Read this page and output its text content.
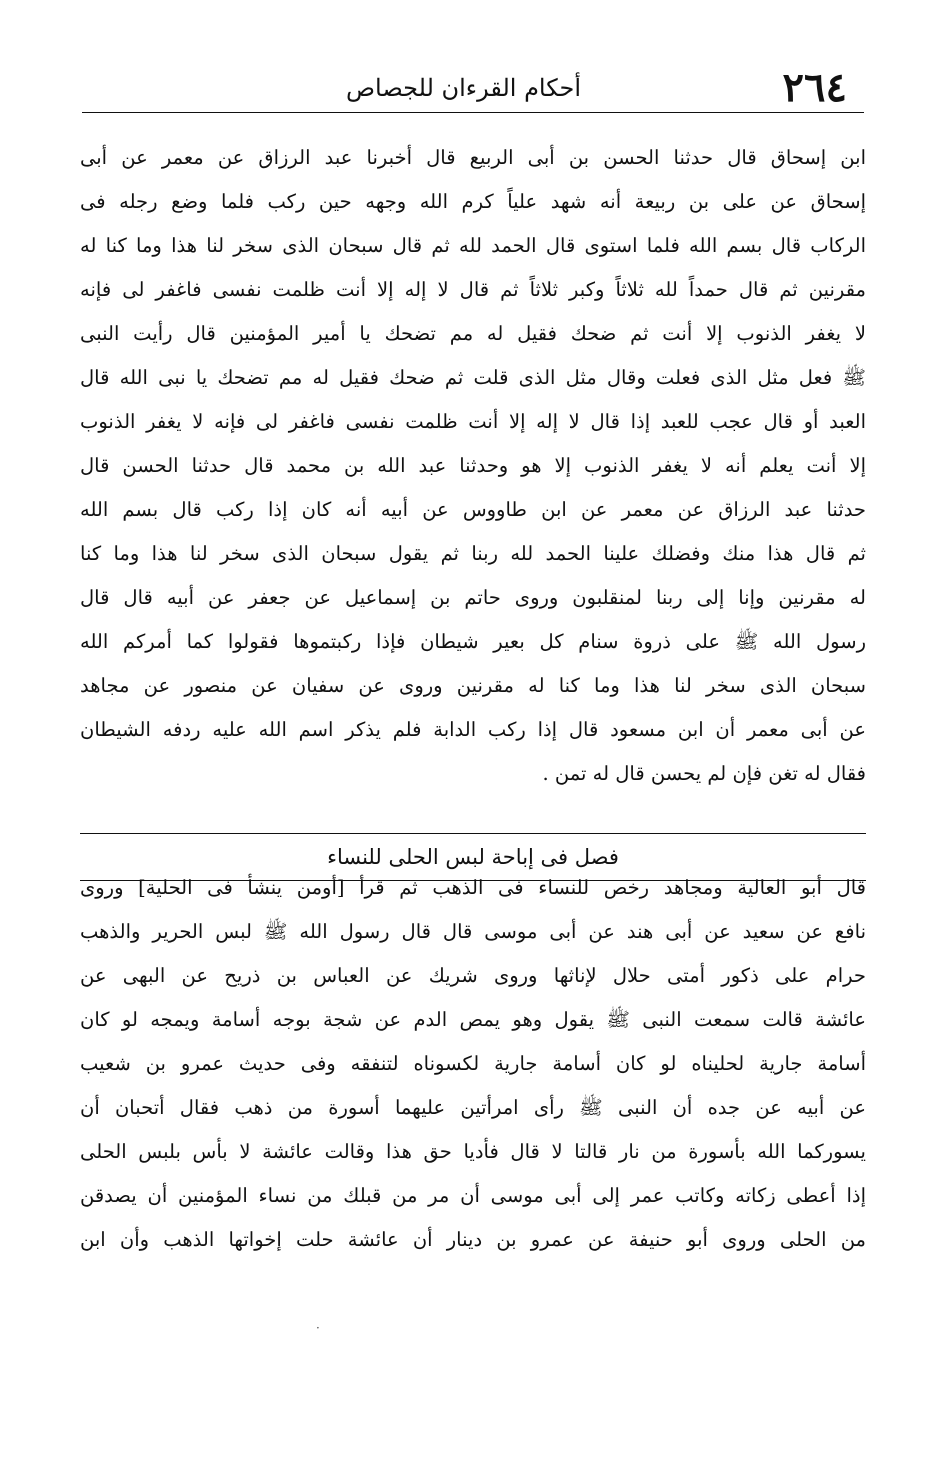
٢٦٤
أحكام القرءان للجصاص
ابن إسحاق قال حدثنا الحسن بن أبى الربيع قال أخبرنا عبد الرزاق عن معمر عن أبى
إسحاق عن على بن ربيعة أنه شهد علياً كرم الله وجهه حين ركب فلما وضع رجله فى
الركاب قال بسم الله فلما استوى قال الحمد لله ثم قال سبحان الذى سخر لنا هذا وما كنا له
مقرنين ثم قال حمداً لله ثلاثاً وكبر ثلاثاً ثم قال لا إله إلا أنت ظلمت نفسى فاغفر لى فإنه
لا يغفر الذنوب إلا أنت ثم ضحك فقيل له مم تضحك يا أمير المؤمنين قال رأيت النبى
ﷺ فعل مثل الذى فعلت وقال مثل الذى قلت ثم ضحك فقيل له مم تضحك يا نبى الله قال
العبد أو قال عجب للعبد إذا قال لا إله إلا أنت ظلمت نفسى فاغفر لى فإنه لا يغفر الذنوب
إلا أنت يعلم أنه لا يغفر الذنوب إلا هو وحدثنا عبد الله بن محمد قال حدثنا الحسن قال
حدثنا عبد الرزاق عن معمر عن ابن طاووس عن أبيه أنه كان إذا ركب قال بسم الله
ثم قال هذا منك وفضلك علينا الحمد لله ربنا ثم يقول سبحان الذى سخر لنا هذا وما كنا
له مقرنين وإنا إلى ربنا لمنقلبون وروى حاتم بن إسماعيل عن جعفر عن أبيه قال قال
رسول الله ﷺ على ذروة سنام كل بعير شيطان فإذا ركبتموها فقولوا كما أمركم الله
سبحان الذى سخر لنا هذا وما كنا له مقرنين وروى عن سفيان عن منصور عن مجاهد
عن أبى معمر أن ابن مسعود قال إذا ركب الدابة فلم يذكر اسم الله عليه ردفه الشيطان
فقال له تغن فإن لم يحسن قال له تمن .
فصل فى إباحة لبس الحلى للنساء
قال أبو العالية ومجاهد رخص للنساء فى الذهب ثم قرأ [أومن ينشأ فى الحلية] وروى
نافع عن سعيد عن أبى هند عن أبى موسى قال قال رسول الله ﷺ لبس الحرير والذهب
حرام على ذكور أمتى حلال لإناثها وروى شريك عن العباس بن ذريح عن البهى عن
عائشة قالت سمعت النبى ﷺ يقول وهو يمص الدم عن شجة بوجه أسامة ويمجه لو كان
أسامة جارية لحليناه لو كان أسامة جارية لكسوناه لتنفقه وفى حديث عمرو بن شعيب
عن أبيه عن جده أن النبى ﷺ رأى امرأتين عليهما أسورة من ذهب فقال أتحبان أن
يسوركما الله بأسورة من نار قالتا لا قال فأديا حق هذا وقالت عائشة لا بأس بلبس الحلى
إذا أعطى زكاته وكاتب عمر إلى أبى موسى أن مر من قبلك من نساء المؤمنين أن يصدقن
من الحلى وروى أبو حنيفة عن عمرو بن دينار أن عائشة حلت إخواتها الذهب وأن ابن
·
